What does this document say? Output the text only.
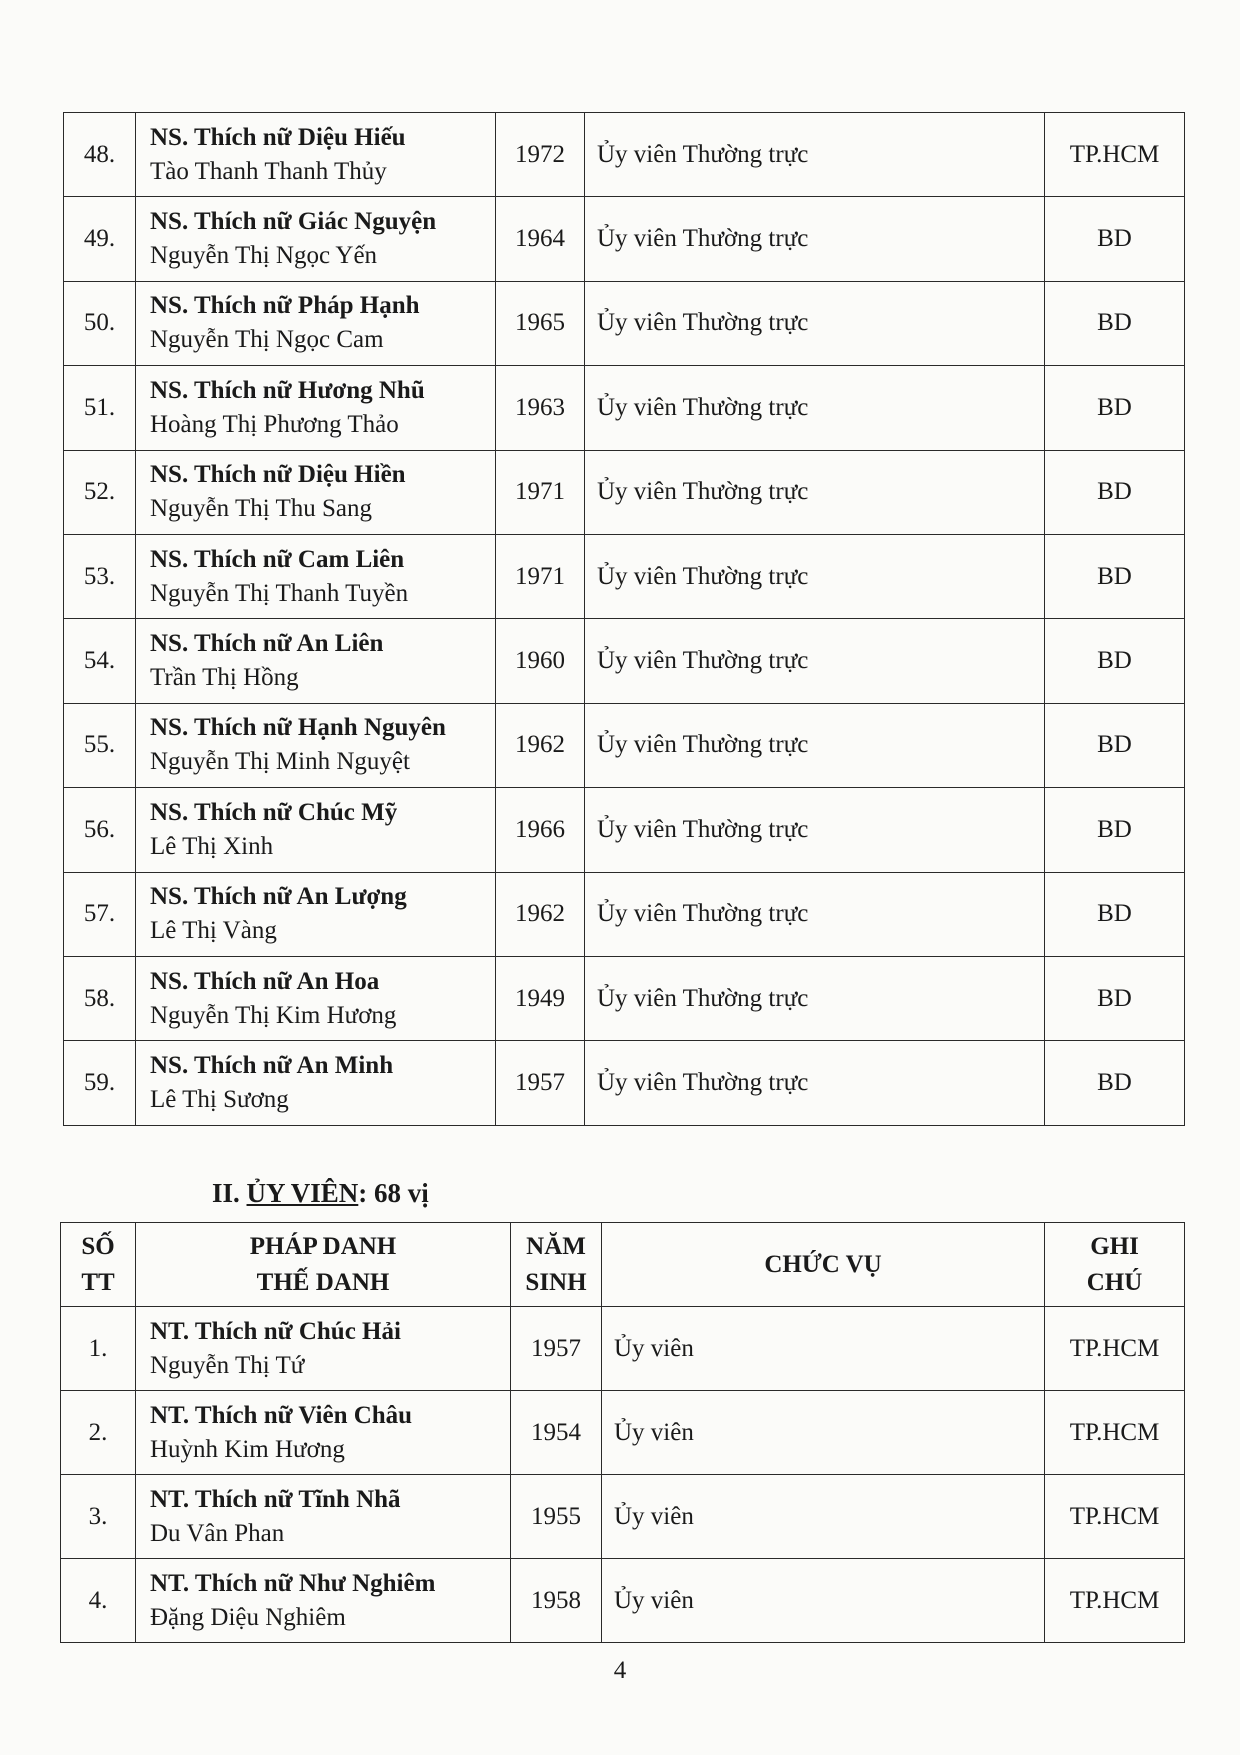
48.	NS. Thích nữ Diệu Hiếu
Tào Thanh Thanh Thủy	1972	Ủy viên Thường trực	TP.HCM
49.	NS. Thích nữ Giác Nguyện
Nguyễn Thị Ngọc Yến	1964	Ủy viên Thường trực	BD
50.	NS. Thích nữ Pháp Hạnh
Nguyễn Thị Ngọc Cam	1965	Ủy viên Thường trực	BD
51.	NS. Thích nữ Hương Nhũ
Hoàng Thị Phương Thảo	1963	Ủy viên Thường trực	BD
52.	NS. Thích nữ Diệu Hiền
Nguyễn Thị Thu Sang	1971	Ủy viên Thường trực	BD
53.	NS. Thích nữ Cam Liên
Nguyễn Thị Thanh Tuyền	1971	Ủy viên Thường trực	BD
54.	NS. Thích nữ An Liên
Trần Thị Hồng	1960	Ủy viên Thường trực	BD
55.	NS. Thích nữ Hạnh Nguyên
Nguyễn Thị Minh Nguyệt	1962	Ủy viên Thường trực	BD
56.	NS. Thích nữ Chúc Mỹ
Lê Thị Xinh	1966	Ủy viên Thường trực	BD
57.	NS. Thích nữ An Lượng
Lê Thị Vàng	1962	Ủy viên Thường trực	BD
58.	NS. Thích nữ An Hoa
Nguyễn Thị Kim Hương	1949	Ủy viên Thường trực	BD
59.	NS. Thích nữ An Minh
Lê Thị Sương	1957	Ủy viên Thường trực	BD
II. ỦY VIÊN: 68 vị
SỐ
TT	PHÁP DANH
THẾ DANH	NĂM
SINH	CHỨC VỤ	GHI
CHÚ
1.	NT. Thích nữ Chúc Hải
Nguyễn Thị Tứ	1957	Ủy viên	TP.HCM
2.	NT. Thích nữ Viên Châu
Huỳnh Kim Hương	1954	Ủy viên	TP.HCM
3.	NT. Thích nữ Tĩnh Nhã
Du Vân Phan	1955	Ủy viên	TP.HCM
4.	NT. Thích nữ Như Nghiêm
Đặng Diệu Nghiêm	1958	Ủy viên	TP.HCM
4
